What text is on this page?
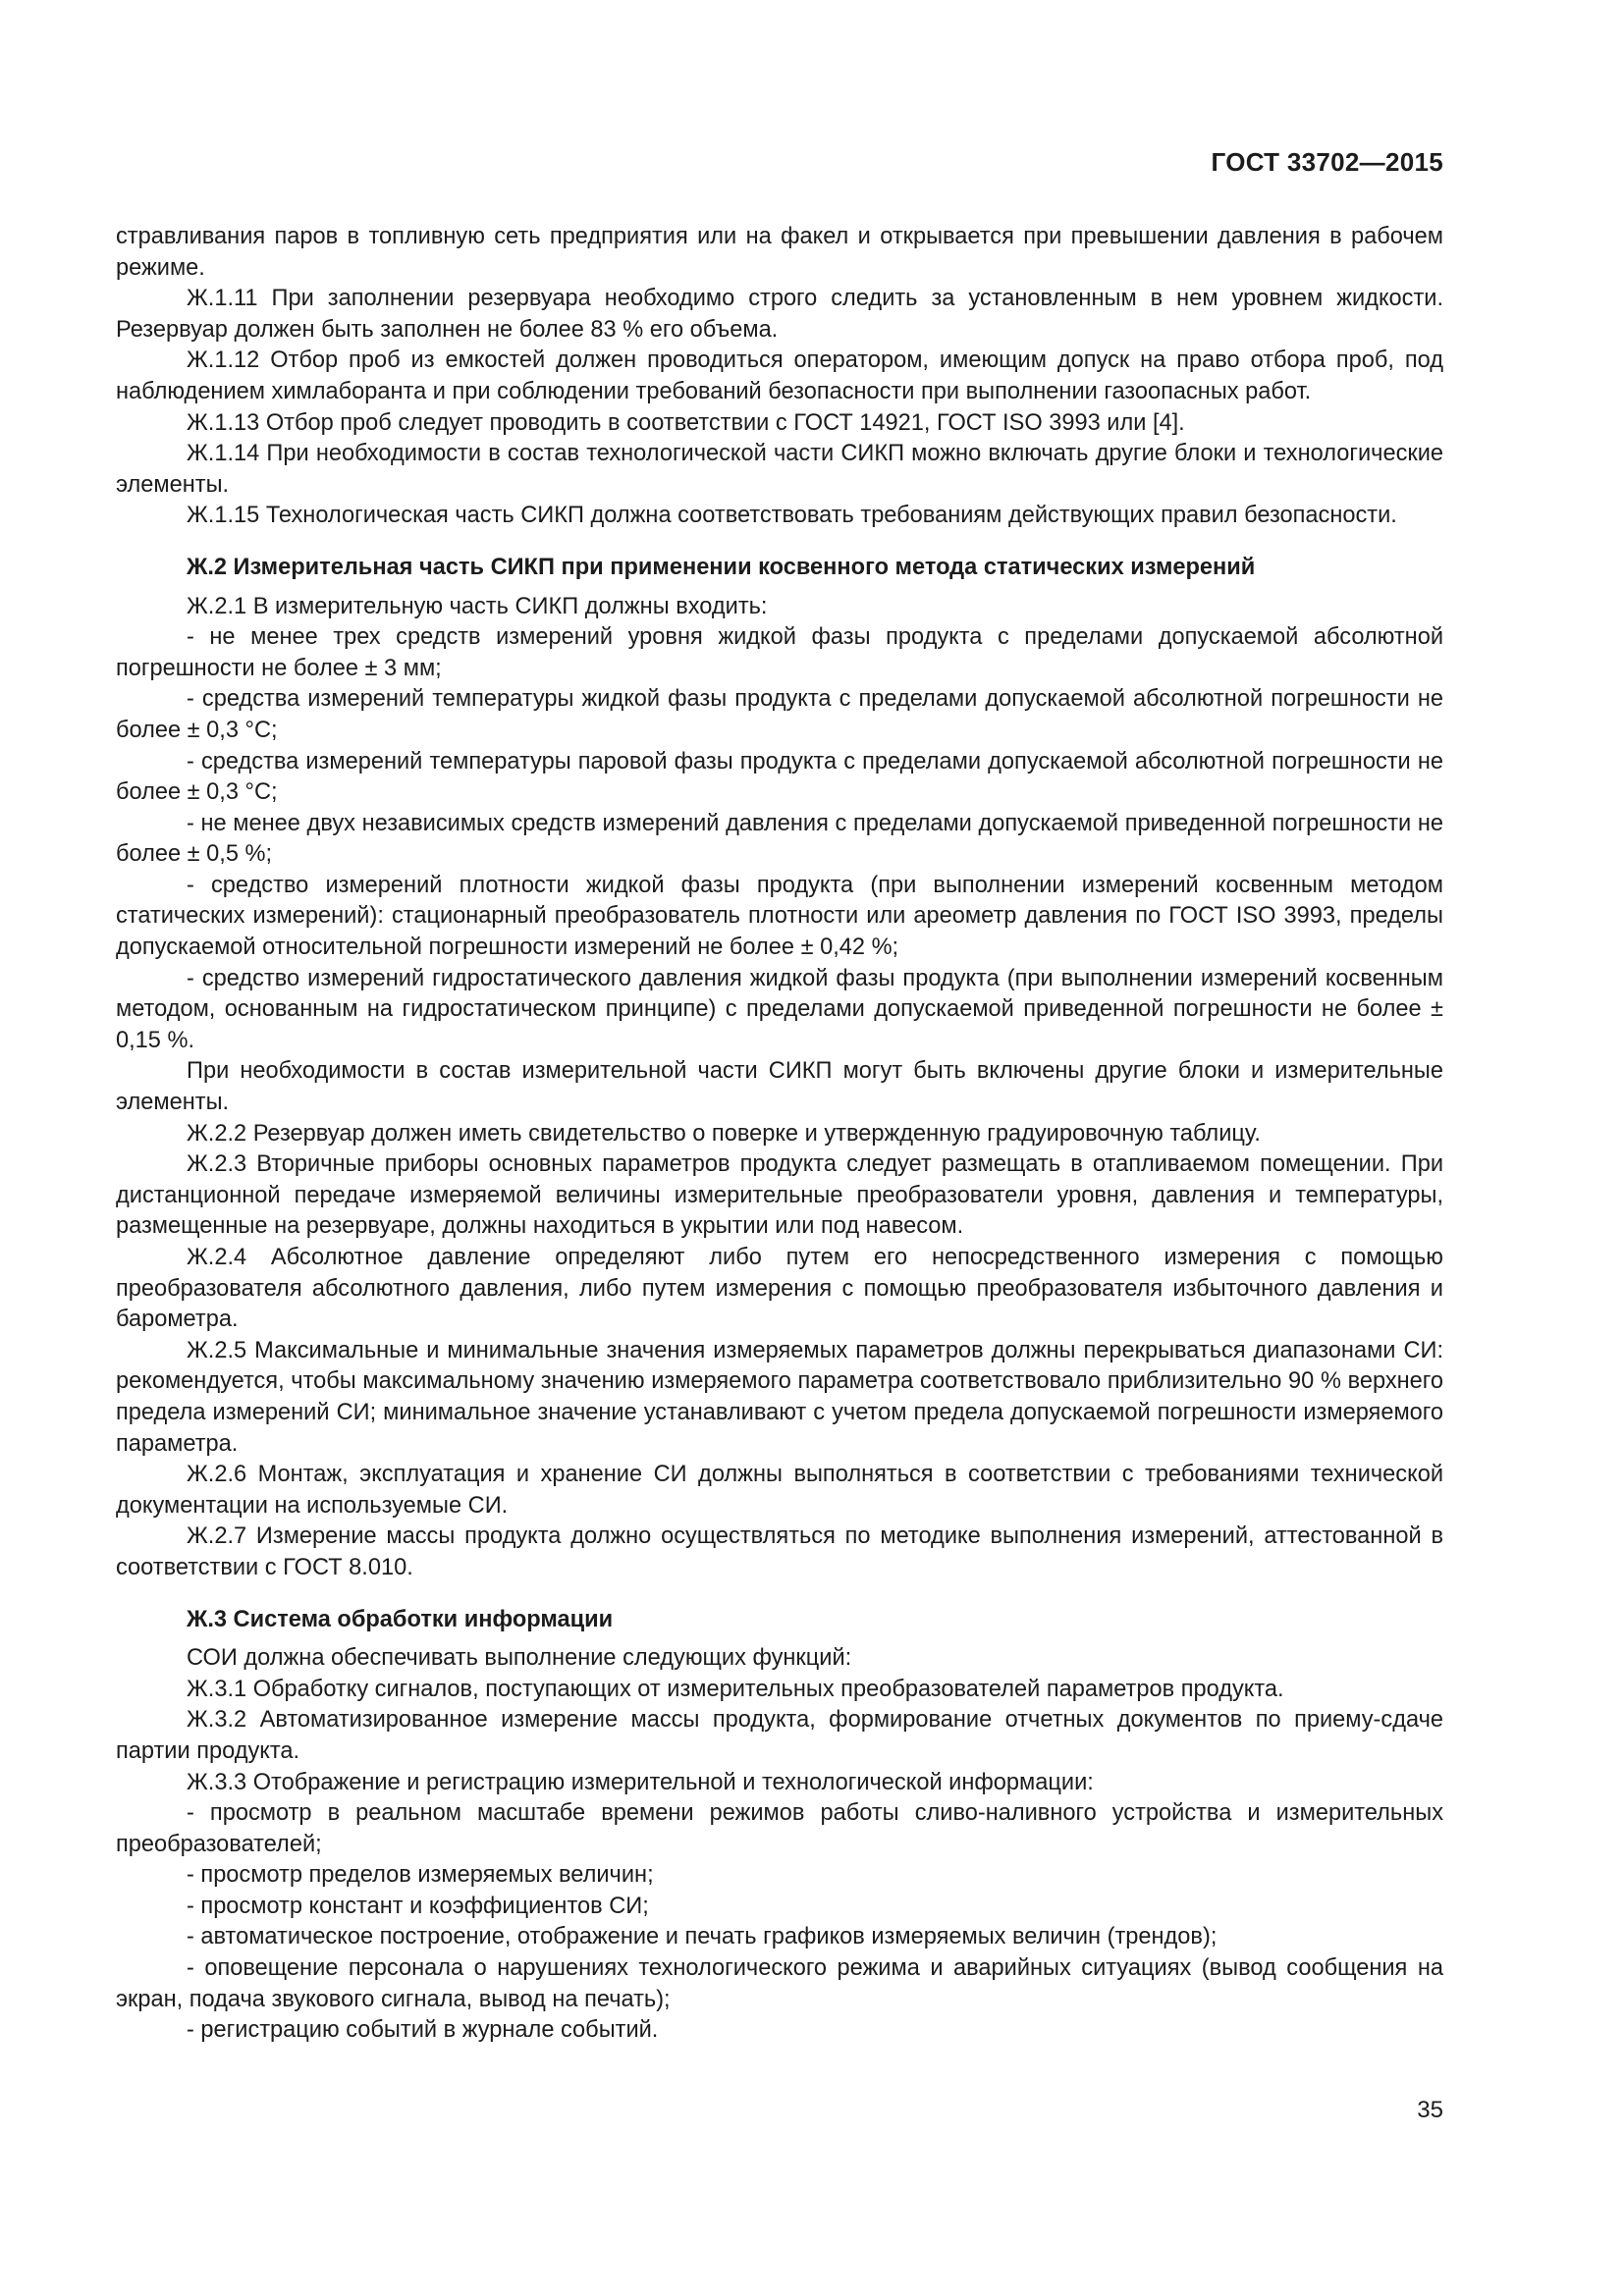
ГОСТ 33702—2015

стравливания паров в топливную сеть предприятия или на факел и открывается при превышении давления в рабочем режиме.

Ж.1.11 При заполнении резервуара необходимо строго следить за установленным в нем уровнем жидкости. Резервуар должен быть заполнен не более 83 % его объема.

Ж.1.12 Отбор проб из емкостей должен проводиться оператором, имеющим допуск на право отбора проб, под наблюдением химлаборанта и при соблюдении требований безопасности при выполнении газоопасных работ.

Ж.1.13 Отбор проб следует проводить в соответствии с ГОСТ 14921, ГОСТ ISO 3993 или [4].

Ж.1.14 При необходимости в состав технологической части СИКП можно включать другие блоки и технологические элементы.

Ж.1.15 Технологическая часть СИКП должна соответствовать требованиям действующих правил безопасности.

Ж.2 Измерительная часть СИКП при применении косвенного метода статических измерений

Ж.2.1 В измерительную часть СИКП должны входить:

- не менее трех средств измерений уровня жидкой фазы продукта с пределами допускаемой абсолютной погрешности не более ± 3 мм;

- средства измерений температуры жидкой фазы продукта с пределами допускаемой абсолютной погрешности не более ± 0,3 °С;

- средства измерений температуры паровой фазы продукта с пределами допускаемой абсолютной погрешности не более ± 0,3 °С;

- не менее двух независимых средств измерений давления с пределами допускаемой приведенной погрешности не более ± 0,5 %;

- средство измерений плотности жидкой фазы продукта (при выполнении измерений косвенным методом статических измерений): стационарный преобразователь плотности или ареометр давления по ГОСТ ISO 3993, пределы допускаемой относительной погрешности измерений не более ± 0,42 %;

- средство измерений гидростатического давления жидкой фазы продукта (при выполнении измерений косвенным методом, основанным на гидростатическом принципе) с пределами допускаемой приведенной погрешности не более ± 0,15 %.

При необходимости в состав измерительной части СИКП могут быть включены другие блоки и измерительные элементы.

Ж.2.2 Резервуар должен иметь свидетельство о поверке и утвержденную градуировочную таблицу.

Ж.2.3 Вторичные приборы основных параметров продукта следует размещать в отапливаемом помещении. При дистанционной передаче измеряемой величины измерительные преобразователи уровня, давления и температуры, размещенные на резервуаре, должны находиться в укрытии или под навесом.

Ж.2.4 Абсолютное давление определяют либо путем его непосредственного измерения с помощью преобразователя абсолютного давления, либо путем измерения с помощью преобразователя избыточного давления и барометра.

Ж.2.5 Максимальные и минимальные значения измеряемых параметров должны перекрываться диапазонами СИ: рекомендуется, чтобы максимальному значению измеряемого параметра соответствовало приблизительно 90 % верхнего предела измерений СИ; минимальное значение устанавливают с учетом предела допускаемой погрешности измеряемого параметра.

Ж.2.6 Монтаж, эксплуатация и хранение СИ должны выполняться в соответствии с требованиями технической документации на используемые СИ.

Ж.2.7 Измерение массы продукта должно осуществляться по методике выполнения измерений, аттестованной в соответствии с ГОСТ 8.010.

Ж.3 Система обработки информации

СОИ должна обеспечивать выполнение следующих функций:

Ж.3.1 Обработку сигналов, поступающих от измерительных преобразователей параметров продукта.

Ж.3.2 Автоматизированное измерение массы продукта, формирование отчетных документов по приему-сдаче партии продукта.

Ж.3.3 Отображение и регистрацию измерительной и технологической информации:

- просмотр в реальном масштабе времени режимов работы сливо-наливного устройства и измерительных преобразователей;

- просмотр пределов измеряемых величин;

- просмотр констант и коэффициентов СИ;

- автоматическое построение, отображение и печать графиков измеряемых величин (трендов);

- оповещение персонала о нарушениях технологического режима и аварийных ситуациях (вывод сообщения на экран, подача звукового сигнала, вывод на печать);

- регистрацию событий в журнале событий.

35
